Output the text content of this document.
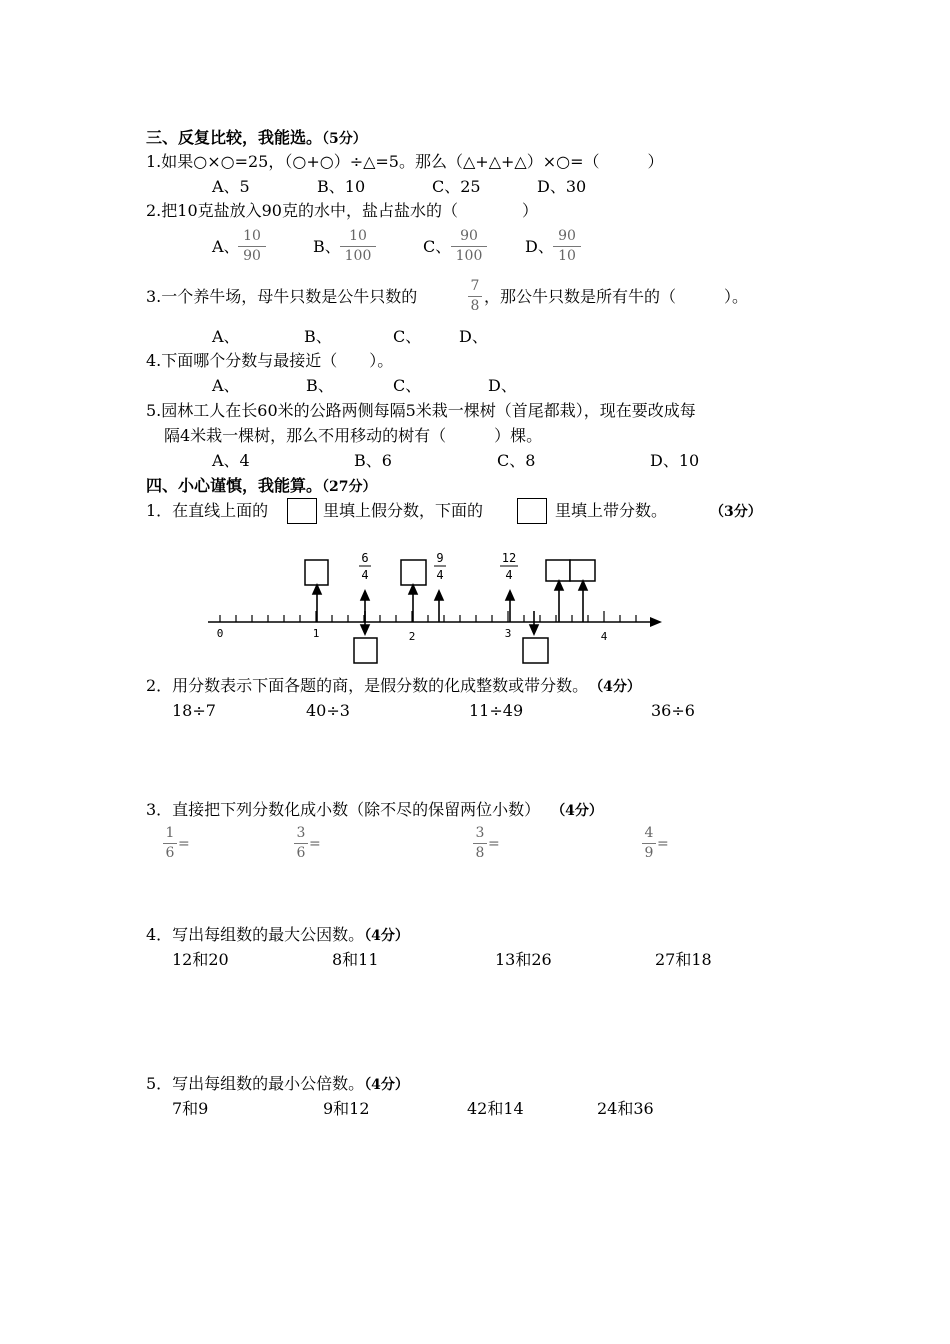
三、反复比较，我能选。（5分）
1.如果○×○=25，（○+○）÷△=5。那么（△+△+△）×○=（　　　）
A、5	B、10	C、25	D、30
2.把10克盐放入90克的水中，盐占盐水的（　　　　）
A、
10
90	B、
10
100	C、
90
100	D、
90
10
3.一个养牛场，母牛只数是公牛只数的
7
8 ，那公牛只数是所有牛的（　　　）。
A、	B、	C、 D、
4.下面哪个分数与最接近（　　）。
A、	B、	C、	D、
5.园林工人在长60米的公路两侧每隔5米栽一棵树（首尾都栽），现在要改成每
隔4米栽一棵树，那么不用移动的树有（　　　）棵。
A、4	B、6	C、8	D、10
四、小心谨慎，我能算。（27分）
1．在直线上面的	里填上假分数，下面的	里填上带分数。	（3分）
0	1	2	3	4
6
4
9
4
12
4
2．用分数表示下面各题的商，是假分数的化成整数或带分数。 （4分）
18÷7	40÷3	11÷49	36÷6
3．直接把下列分数化成小数（除不尽的保留两位小数） （4分）
1
6
=
3
6
=
3
8
=
4
9
=
4．写出每组数的最大公因数。（4分）
12和20	8和11	13和26	27和18
5．写出每组数的最小公倍数。（4分）
7和9	9和12	42和14	24和36
